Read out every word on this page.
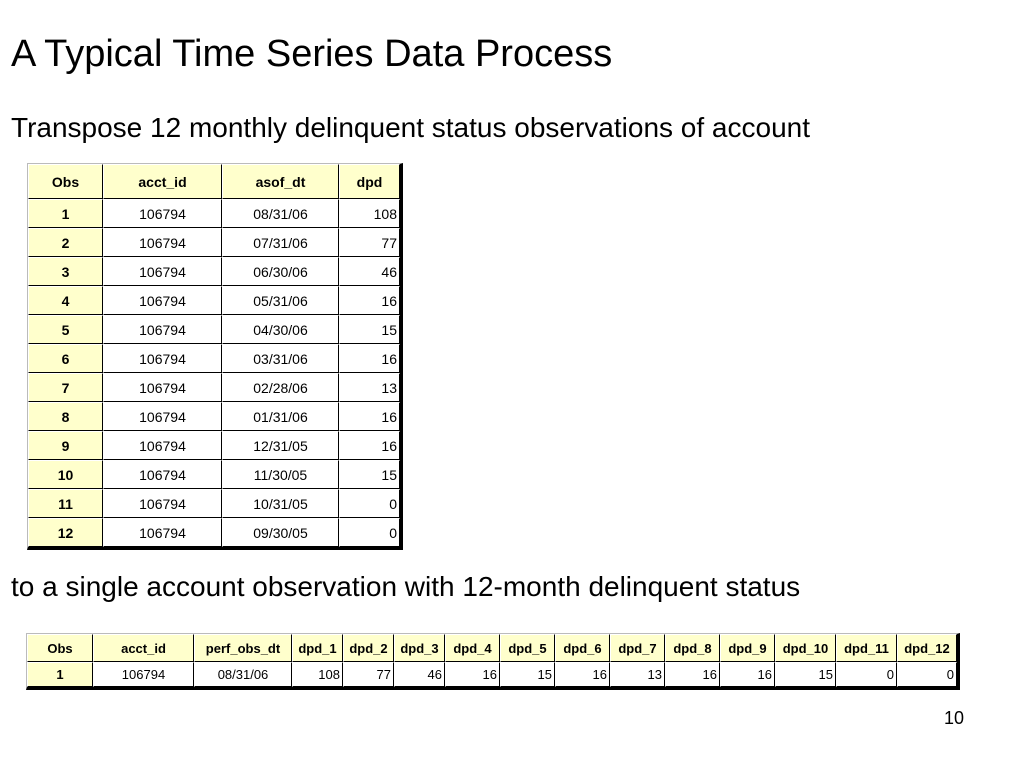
A Typical Time Series Data Process
Transpose 12 monthly delinquent status observations of account
Obs	acct_id	asof_dt	dpd
1	106794	08/31/06	108
2	106794	07/31/06	77
3	106794	06/30/06	46
4	106794	05/31/06	16
5	106794	04/30/06	15
6	106794	03/31/06	16
7	106794	02/28/06	13
8	106794	01/31/06	16
9	106794	12/31/05	16
10	106794	11/30/05	15
11	106794	10/31/05	0
12	106794	09/30/05	0
to a single account observation with 12-month delinquent status
Obs	acct_id	perf_obs_dt	dpd_1	dpd_2	dpd_3	dpd_4	dpd_5	dpd_6	dpd_7	dpd_8	dpd_9	dpd_10	dpd_11	dpd_12
1	106794	08/31/06	108	77	46	16	15	16	13	16	16	15	0	0
10
